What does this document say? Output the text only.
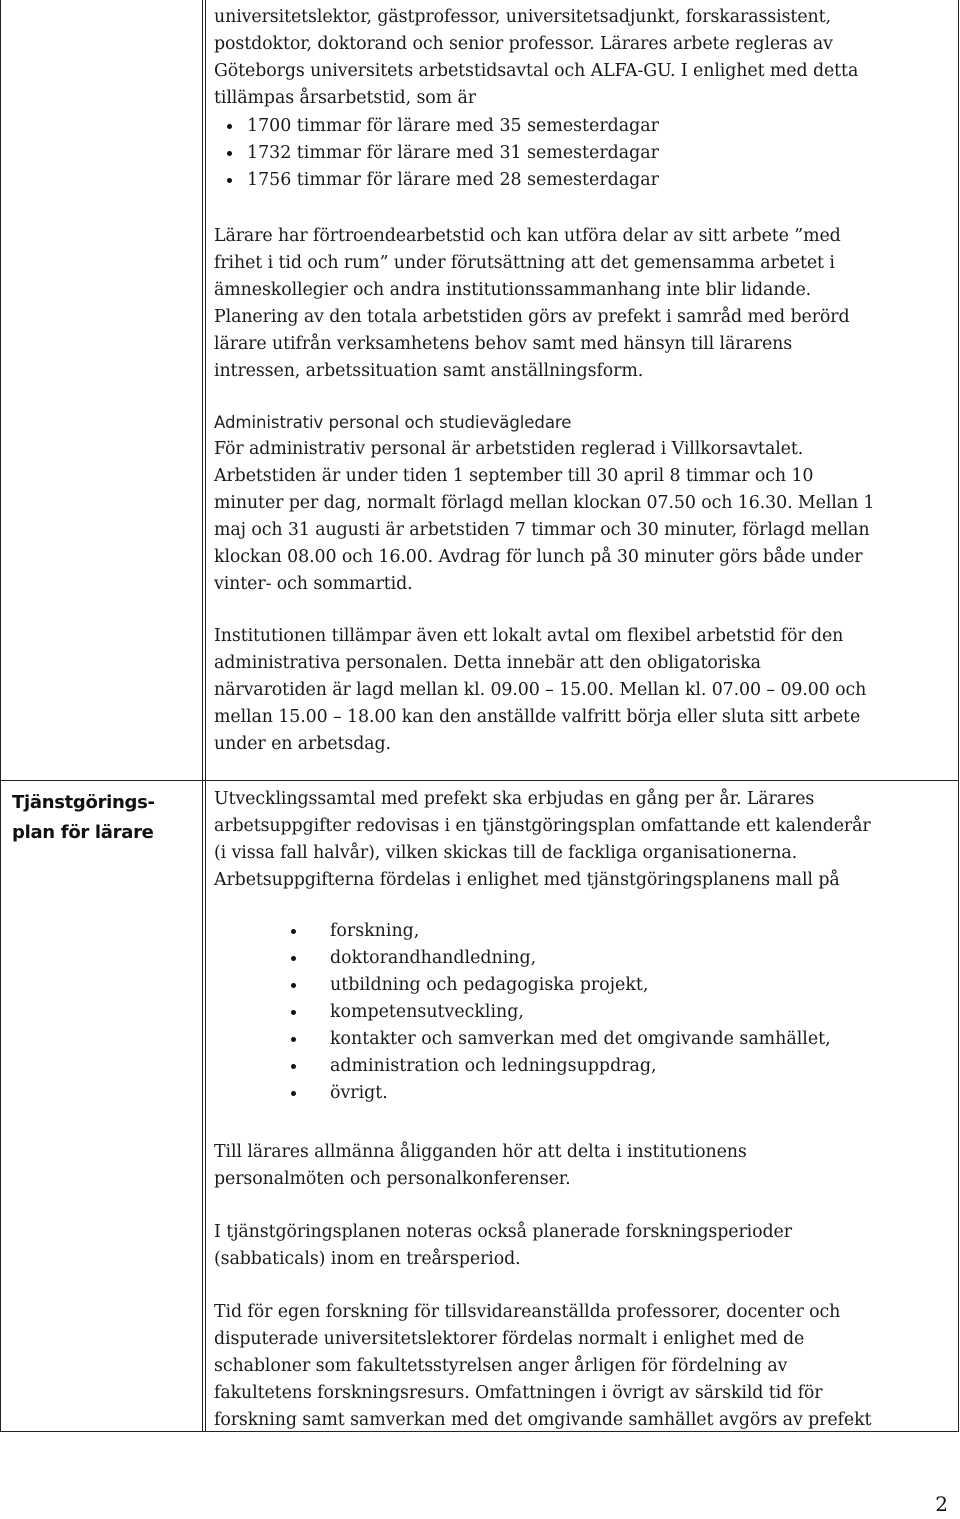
universitetslektor, gästprofessor, universitetsadjunkt, forskarassistent,

postdoktor, doktorand och senior professor. Lärares arbete regleras av

Göteborgs universitets arbetstidsavtal och ALFA-GU. I enlighet med detta

tillämpas årsarbetstid, som är

1700 timmar för lärare med 35 semesterdagar
1732 timmar för lärare med 31 semesterdagar
1756 timmar för lärare med 28 semesterdagar

Lärare har förtroendearbetstid och kan utföra delar av sitt arbete ”med

frihet i tid och rum” under förutsättning att det gemensamma arbetet i

ämneskollegier och andra institutionssammanhang inte blir lidande.

Planering av den totala arbetstiden görs av prefekt i samråd med berörd

lärare utifrån verksamhetens behov samt med hänsyn till lärarens

intressen, arbetssituation samt anställningsform.

Administrativ personal och studievägledare

För administrativ personal är arbetstiden reglerad i Villkorsavtalet.

Arbetstiden är under tiden 1 september till 30 april 8 timmar och 10

minuter per dag, normalt förlagd mellan klockan 07.50 och 16.30. Mellan 1

maj och 31 augusti är arbetstiden 7 timmar och 30 minuter, förlagd mellan

klockan 08.00 och 16.00. Avdrag för lunch på 30 minuter görs både under

vinter- och sommartid.

Institutionen tillämpar även ett lokalt avtal om flexibel arbetstid för den

administrativa personalen. Detta innebär att den obligatoriska

närvarotiden är lagd mellan kl. 09.00 – 15.00. Mellan kl. 07.00 – 09.00 och

mellan 15.00 – 18.00 kan den anställde valfritt börja eller sluta sitt arbete

under en arbetsdag.

Tjänstgörings-
plan för lärare

Utvecklingssamtal med prefekt ska erbjudas en gång per år. Lärares

arbetsuppgifter redovisas i en tjänstgöringsplan omfattande ett kalenderår

(i vissa fall halvår), vilken skickas till de fackliga organisationerna.

Arbetsuppgifterna fördelas i enlighet med tjänstgöringsplanens mall på

forskning,
doktorandhandledning,
utbildning och pedagogiska projekt,
kompetensutveckling,
kontakter och samverkan med det omgivande samhället,
administration och ledningsuppdrag,
övrigt.

Till lärares allmänna åligganden hör att delta i institutionens

personalmöten och personalkonferenser.

I tjänstgöringsplanen noteras också planerade forskningsperioder

(sabbaticals) inom en treårsperiod.

Tid för egen forskning för tillsvidareanställda professorer, docenter och

disputerade universitetslektorer fördelas normalt i enlighet med de

schabloner som fakultetsstyrelsen anger årligen för fördelning av

fakultetens forskningsresurs. Omfattningen i övrigt av särskild tid för

forskning samt samverkan med det omgivande samhället avgörs av prefekt

2
